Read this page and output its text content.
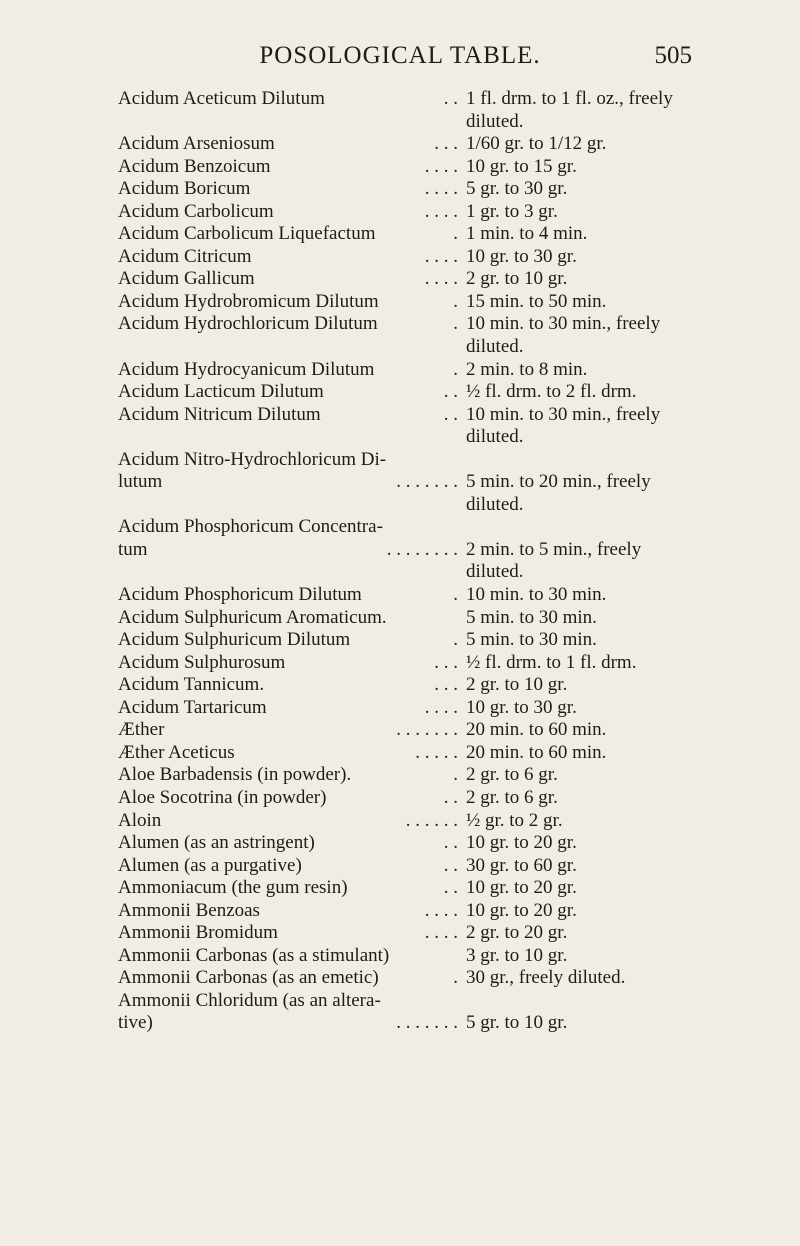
POSOLOGICAL TABLE.	505
Acidum Aceticum Dilutum	. . 1 fl. drm. to 1 fl. oz., freely
diluted.
Acidum Arseniosum	. . . 1/60 gr. to 1/12 gr.
Acidum Benzoicum	. . . . 10 gr. to 15 gr.
Acidum Boricum	. . . . 5 gr. to 30 gr.
Acidum Carbolicum	. . . . 1 gr. to 3 gr.
Acidum Carbolicum Liquefactum	. 1 min. to 4 min.
Acidum Citricum	. . . . 10 gr. to 30 gr.
Acidum Gallicum	. . . . 2 gr. to 10 gr.
Acidum Hydrobromicum Dilutum	. 15 min. to 50 min.
Acidum Hydrochloricum Dilutum	. 10 min. to 30 min., freely
diluted.
Acidum Hydrocyanicum Dilutum	. 2 min. to 8 min.
Acidum Lacticum Dilutum	. . ½ fl. drm. to 2 fl. drm.
Acidum Nitricum Dilutum	. . 10 min. to 30 min., freely
diluted.
Acidum Nitro-Hydrochloricum Di-
lutum	. . . . . . . 5 min. to 20 min., freely
diluted.
Acidum Phosphoricum Concentra-
tum	. . . . . . . . 2 min. to 5 min., freely
diluted.
Acidum Phosphoricum Dilutum	. 10 min. to 30 min.
Acidum Sulphuricum Aromaticum.	5 min. to 30 min.
Acidum Sulphuricum Dilutum	. 5 min. to 30 min.
Acidum Sulphurosum	. . . ½ fl. drm. to 1 fl. drm.
Acidum Tannicum.	. . . 2 gr. to 10 gr.
Acidum Tartaricum	. . . . 10 gr. to 30 gr.
Æther	. . . . . . . 20 min. to 60 min.
Æther Aceticus	. . . . . 20 min. to 60 min.
Aloe Barbadensis (in powder).	. 2 gr. to 6 gr.
Aloe Socotrina (in powder)	. . 2 gr. to 6 gr.
Aloin	. . . . . . ½ gr. to 2 gr.
Alumen (as an astringent)	. . 10 gr. to 20 gr.
Alumen (as a purgative)	. . 30 gr. to 60 gr.
Ammoniacum (the gum resin)	. . 10 gr. to 20 gr.
Ammonii Benzoas	. . . . 10 gr. to 20 gr.
Ammonii Bromidum	. . . . 2 gr. to 20 gr.
Ammonii Carbonas (as a stimulant)	3 gr. to 10 gr.
Ammonii Carbonas (as an emetic)	. 30 gr., freely diluted.
Ammonii Chloridum (as an altera-
tive)	. . . . . . . 5 gr. to 10 gr.
